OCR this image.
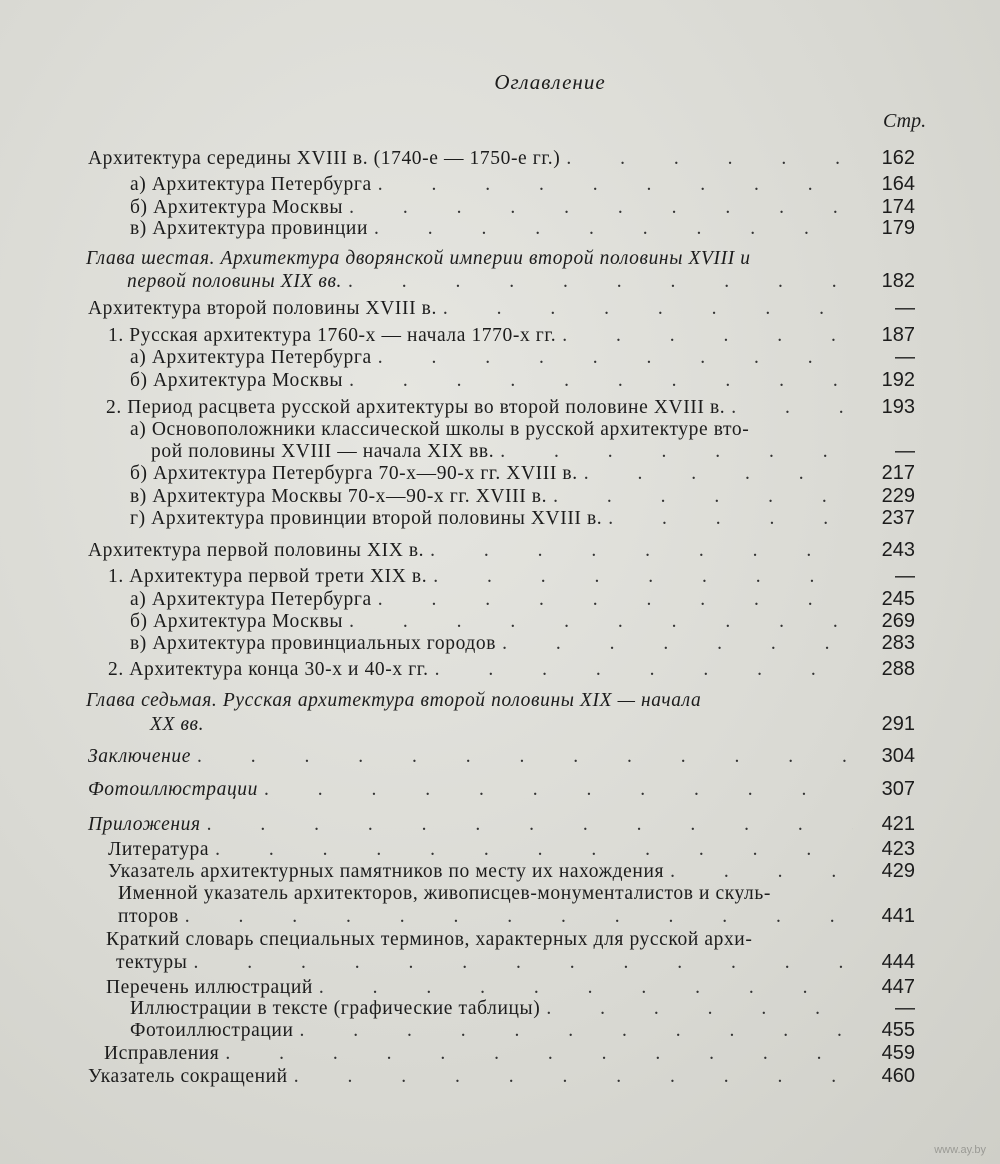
Оглавление
Стр.
Архитектура середины XVIII в. (1740-е — 1750-е гг.) . . .	162
а) Архитектура Петербурга . . .	164
б) Архитектура Москвы . . .	174
в) Архитектура провинции . . .	179
Глава шестая. Архитектура дворянской империи второй половины XVIII и
первой половины XIX вв. . . .	182
Архитектура второй половины XVIII в. . . .	—
1. Русская архитектура 1760-х — начала 1770-х гг. . . .	187
а) Архитектура Петербурга . . .	—
б) Архитектура Москвы . . .	192
2. Период расцвета русской архитектуры во второй половине XVIII в. . . .	193
а) Основоположники классической школы в русской архитектуре вто-
рой половины XVIII — начала XIX вв. . . .	—
б) Архитектура Петербурга 70-х—90-х гг. XVIII в. . . .	217
в) Архитектура Москвы 70-х—90-х гг. XVIII в. . . .	229
г) Архитектура провинции второй половины XVIII в. . . .	237
Архитектура первой половины XIX в. . . .	243
1. Архитектура первой трети XIX в. . . .	—
а) Архитектура Петербурга . . .	245
б) Архитектура Москвы . . .	269
в) Архитектура провинциальных городов . . .	283
2. Архитектура конца 30-х и 40-х гг. . . .	288
Глава седьмая. Русская архитектура второй половины XIX — начала
XX вв.	291
Заключение . . .	304
Фотоиллюстрации . . .	307
Приложения . . .	421
Литература . . .	423
Указатель архитектурных памятников по месту их нахождения . . .	429
Именной указатель архитекторов, живописцев-монументалистов и скуль-
пторов . . .	441
Краткий словарь специальных терминов, характерных для русской архи-
тектуры . . .	444
Перечень иллюстраций . . .	447
Иллюстрации в тексте (графические таблицы) . . .	—
Фотоиллюстрации . . .	455
Исправления . . .	459
Указатель сокращений . . .	460
www.ay.by
